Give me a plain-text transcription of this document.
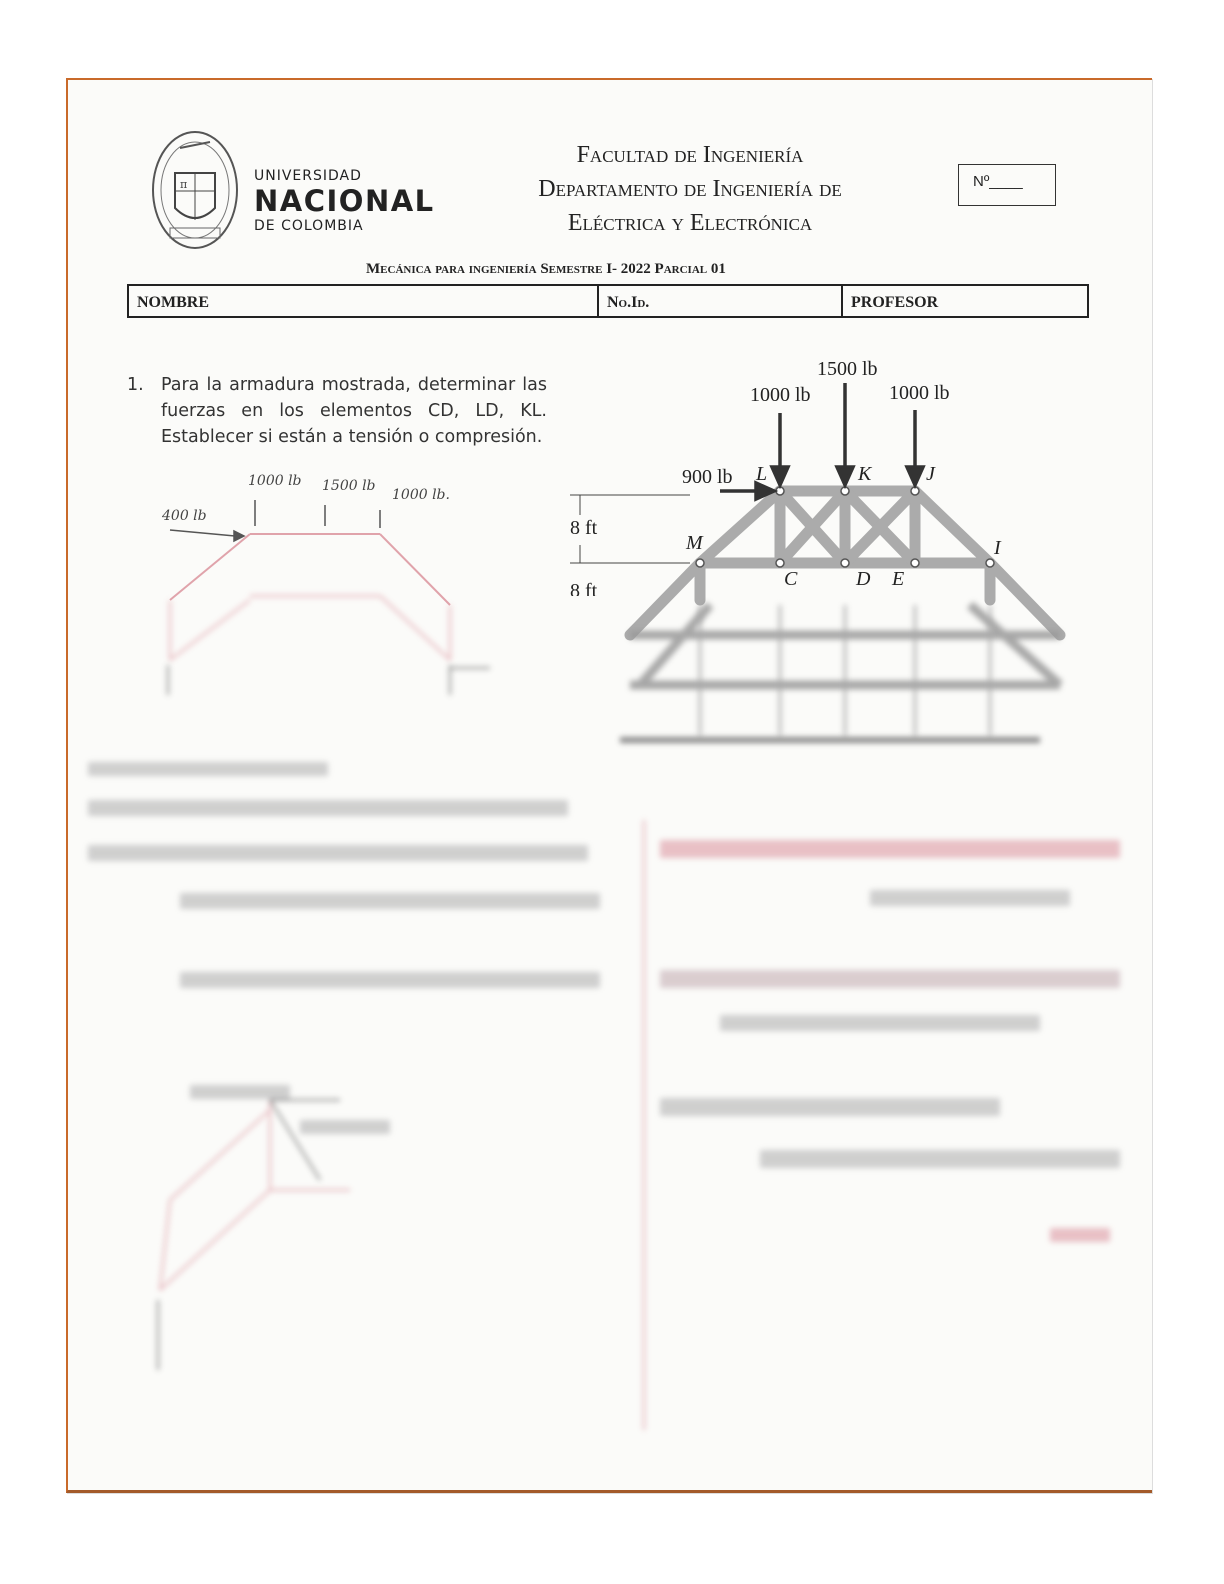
π
UNIVERSIDAD
NACIONAL
DE COLOMBIA
Facultad de Ingeniería
Departamento de Ingeniería de
Eléctrica y Electrónica
Nº____
Mecánica para ingeniería Semestre I- 2022 Parcial 01
NOMBRE	No.Id.	PROFESOR
1. Para la armadura mostrada, determinar las fuerzas en los elementos CD, LD, KL. Establecer si están a tensión o compresión.
1500 lb
1000 lb	1000 lb
900 lb L	K	J
M	I
C	D E
8 ft
8 ft
400 lb
1000 lb 1500 lb
1000 lb.
